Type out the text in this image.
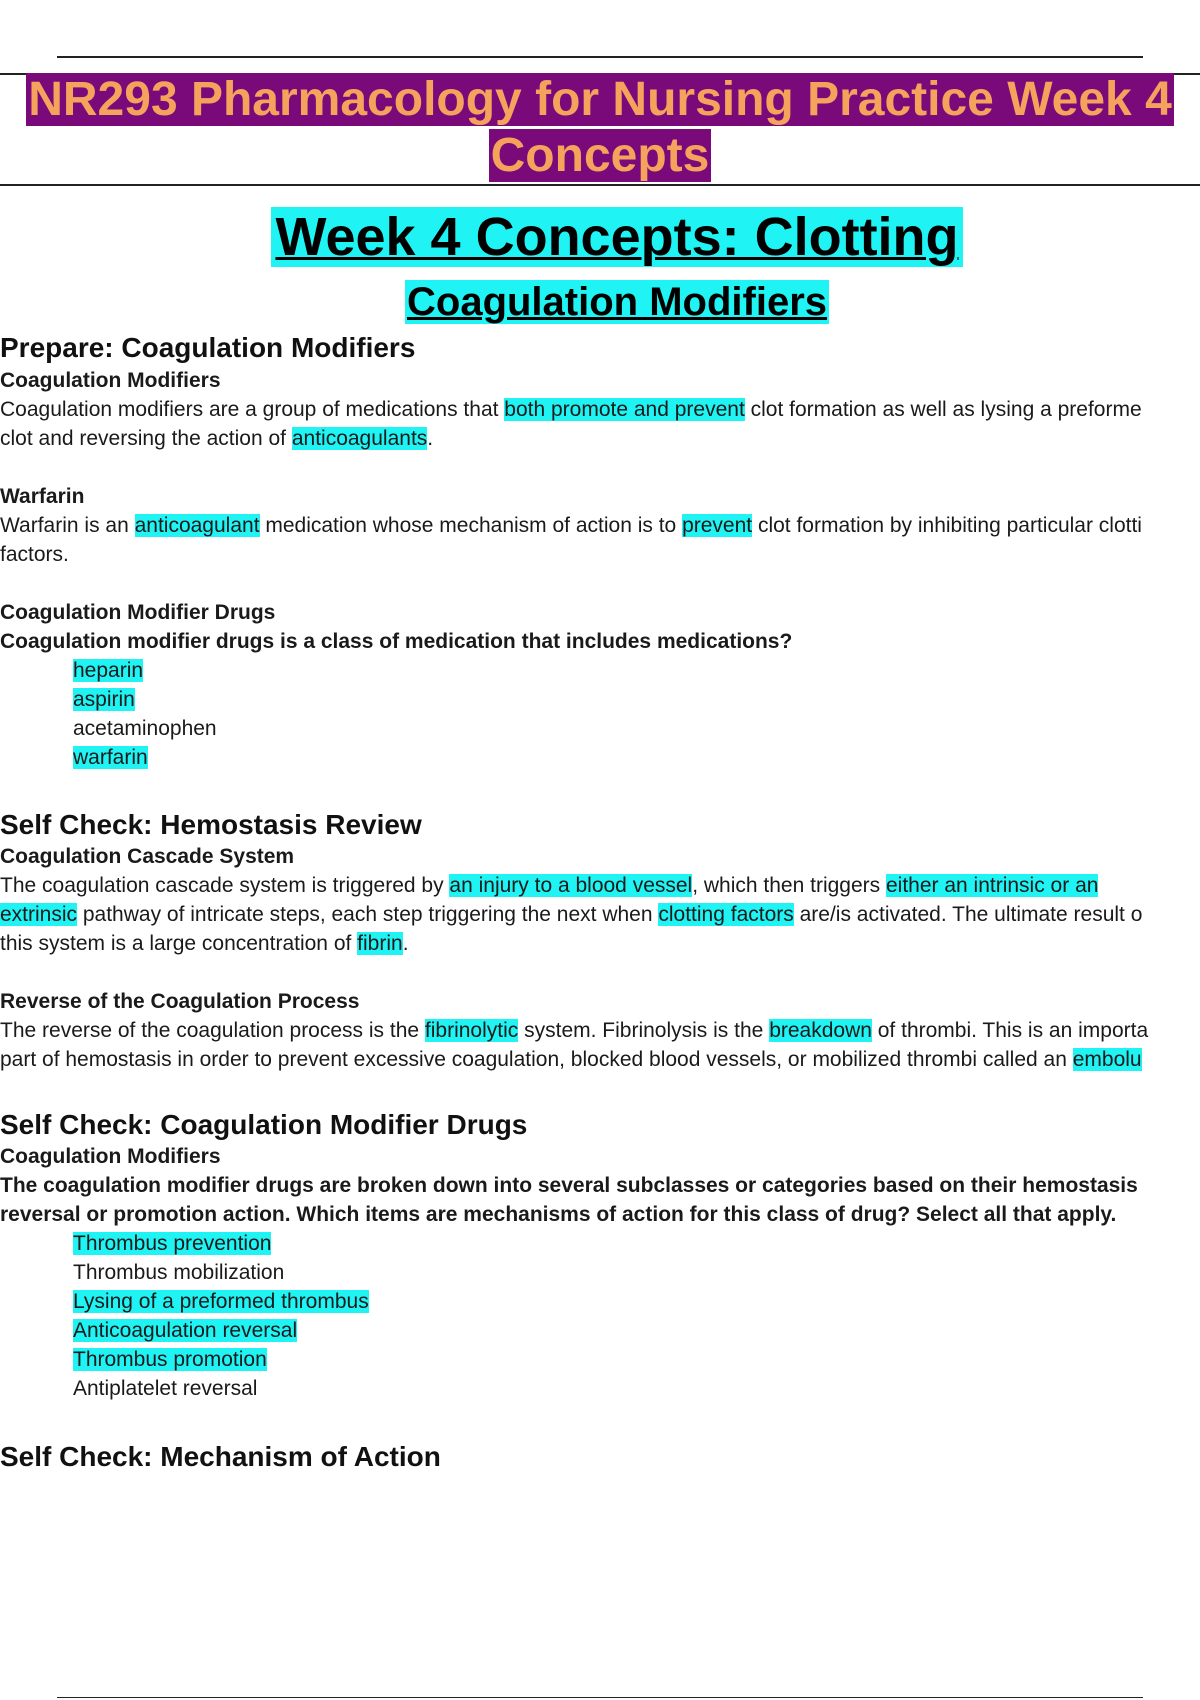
NR293 Pharmacology for Nursing Practice Week 4
Concepts
Week 4 Concepts: Clotting
Coagulation Modifiers
Prepare: Coagulation Modifiers
Coagulation Modifiers

Coagulation modifiers are a group of medications that both promote and prevent clot formation as well as lysing a preforme
clot and reversing the action of anticoagulants.

Warfarin

Warfarin is an anticoagulant medication whose mechanism of action is to prevent clot formation by inhibiting particular clotti
factors.

Coagulation Modifier Drugs

Coagulation modifier drugs is a class of medication that includes medications?

heparin
aspirin
acetaminophen
warfarin
Self Check: Hemostasis Review
Coagulation Cascade System

The coagulation cascade system is triggered by an injury to a blood vessel, which then triggers either an intrinsic or an
extrinsic pathway of intricate steps, each step triggering the next when clotting factors are/is activated. The ultimate result o
this system is a large concentration of fibrin.

Reverse of the Coagulation Process

The reverse of the coagulation process is the fibrinolytic system. Fibrinolysis is the breakdown of thrombi. This is an importa
part of hemostasis in order to prevent excessive coagulation, blocked blood vessels, or mobilized thrombi called an embolu

Self Check: Coagulation Modifier Drugs
Coagulation Modifiers

The coagulation modifier drugs are broken down into several subclasses or categories based on their hemostasis
reversal or promotion action. Which items are mechanisms of action for this class of drug? Select all that apply.

Thrombus prevention
Thrombus mobilization
Lysing of a preformed thrombus
Anticoagulation reversal
Thrombus promotion
Antiplatelet reversal
Self Check: Mechanism of Action
